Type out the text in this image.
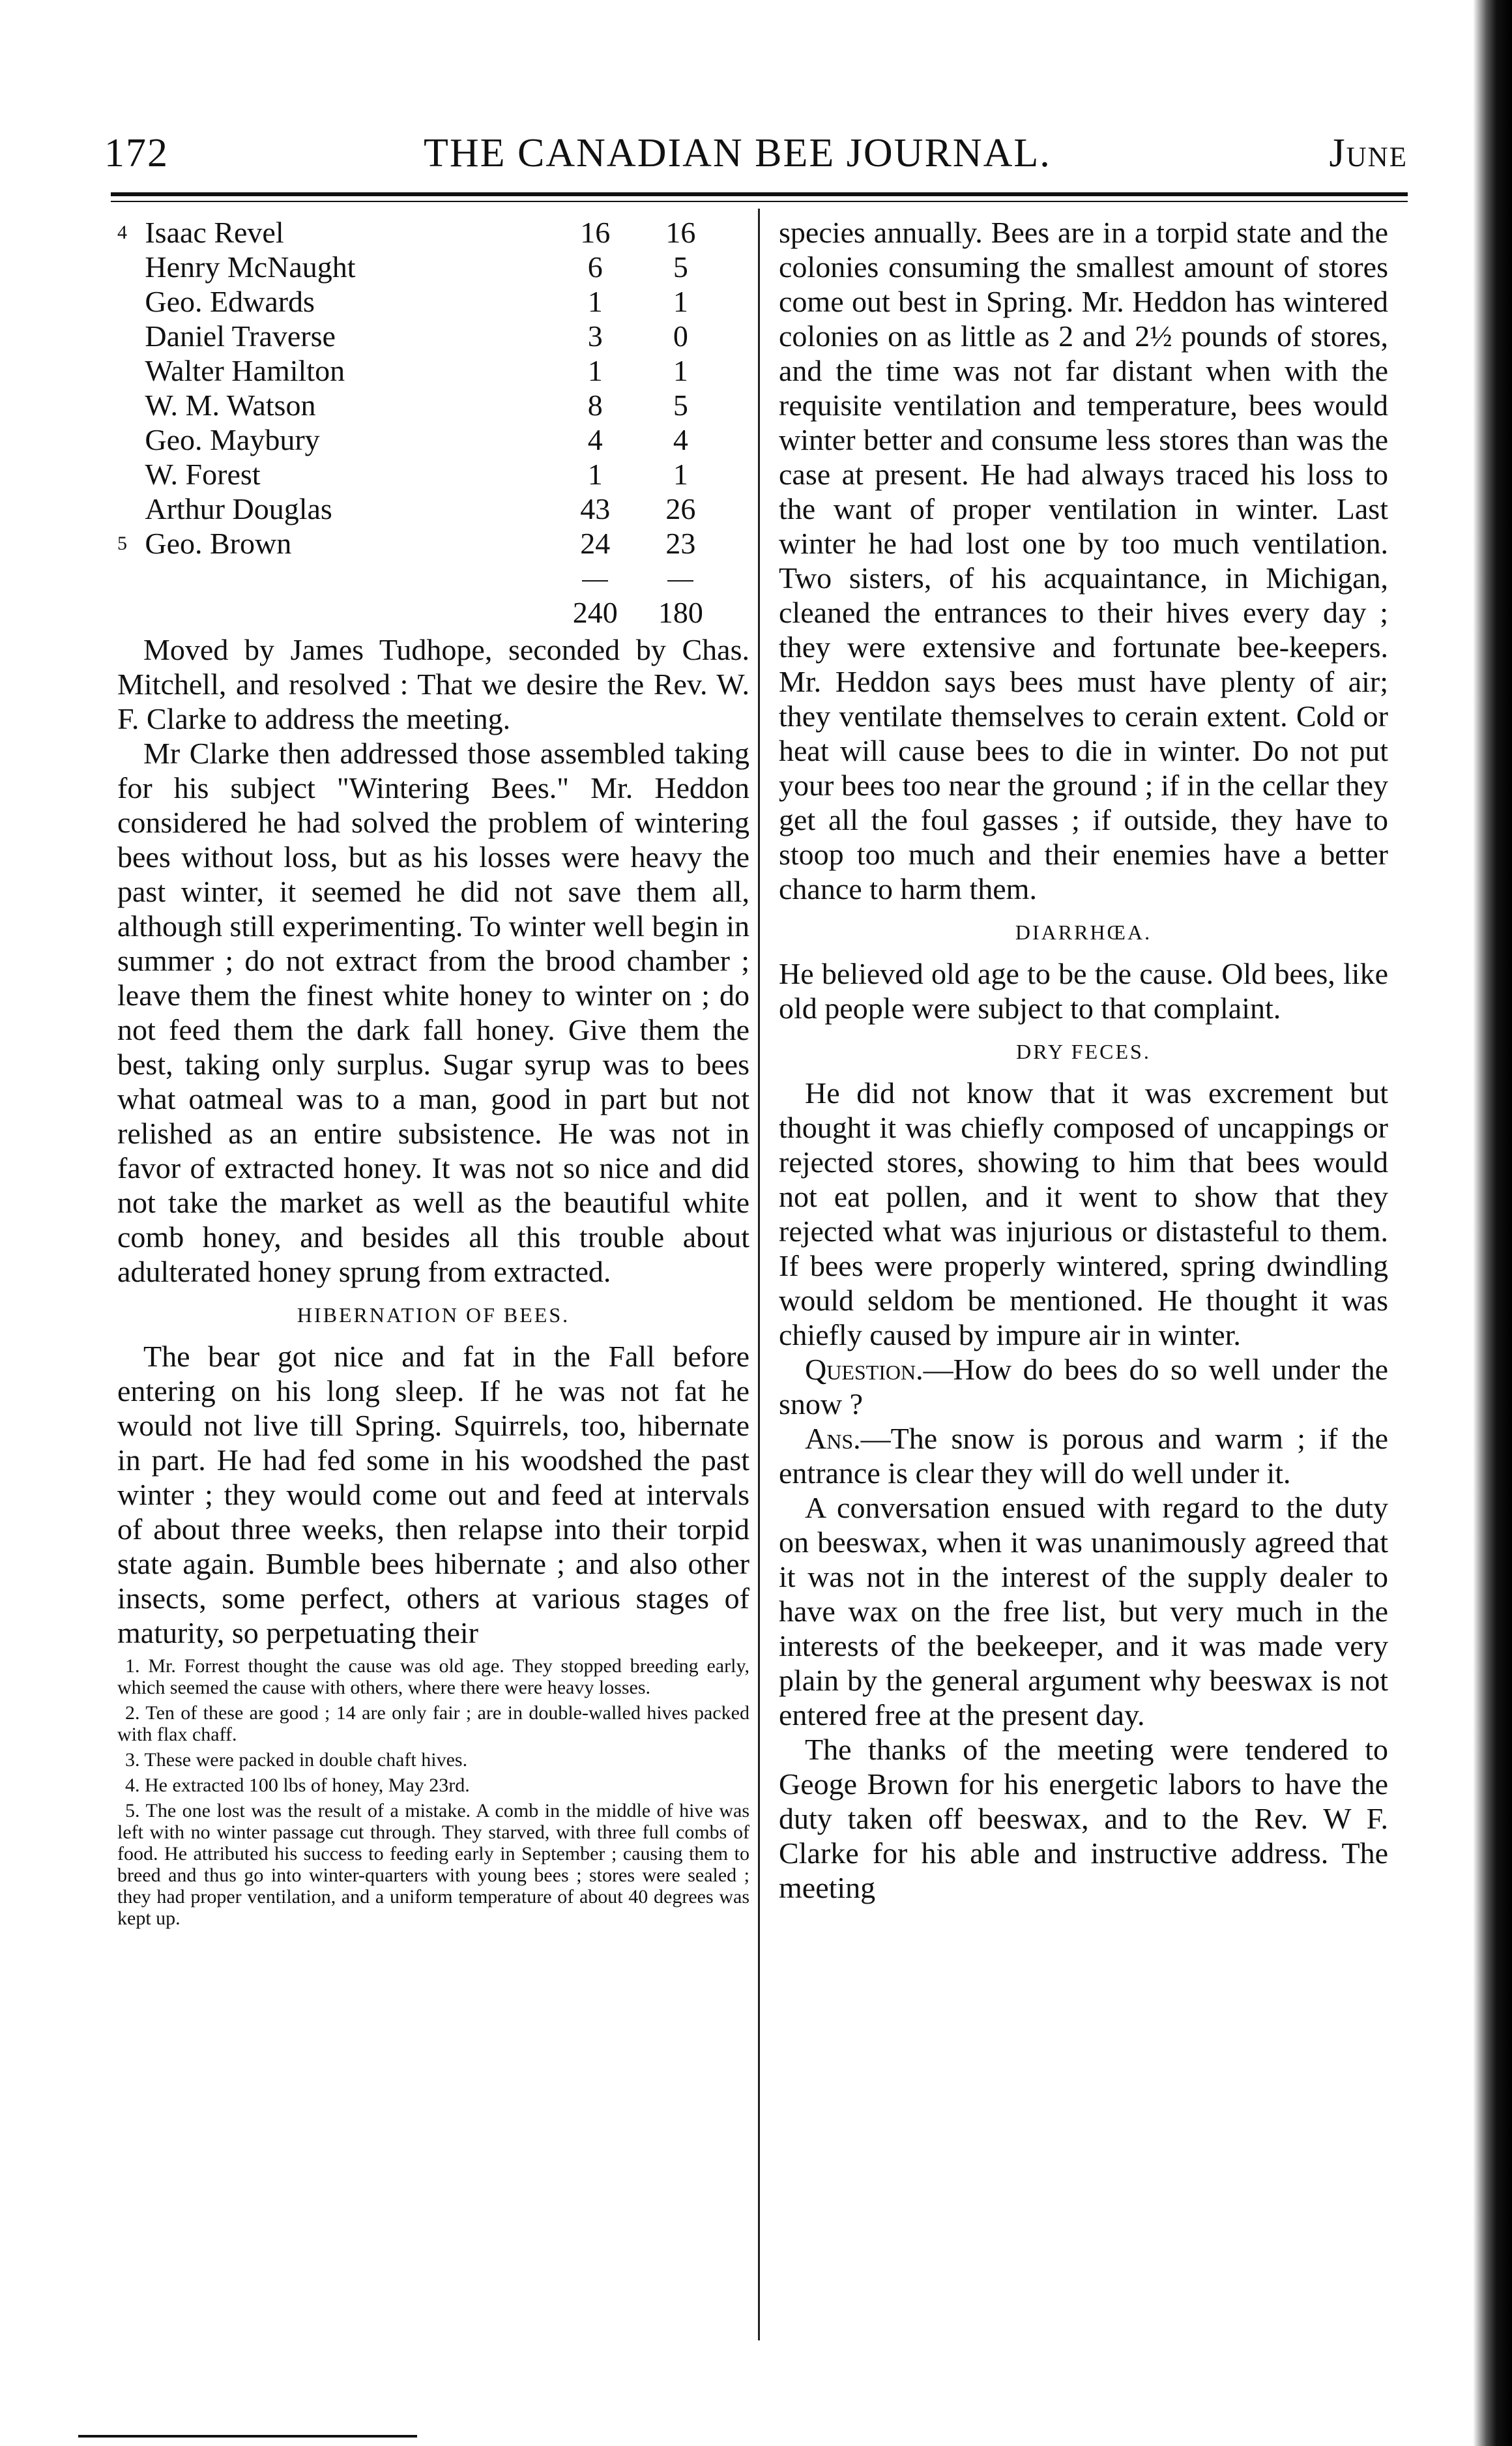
172	THE CANADIAN BEE JOURNAL.	June
4	Isaac Revel	16	16
	Henry McNaught	6	5
	Geo. Edwards	1	1
	Daniel Traverse	3	0
	Walter Hamilton	1	1
	W. M. Watson	8	5
	Geo. Maybury	4	4
	W. Forest	1	1
	Arthur Douglas	43	26
5	Geo. Brown	24	23

		240	180

Moved by James Tudhope, seconded by Chas. Mitchell, and resolved : That we desire the Rev. W. F. Clarke to address the meeting.

Mr Clarke then addressed those assembled taking for his subject "Wintering Bees." Mr. Heddon considered he had solved the problem of wintering bees without loss, but as his losses were heavy the past winter, it seemed he did not save them all, although still experimenting. To winter well begin in summer ; do not extract from the brood chamber ; leave them the finest white honey to winter on ; do not feed them the dark fall honey. Give them the best, taking only surplus. Sugar syrup was to bees what oatmeal was to a man, good in part but not relished as an entire subsistence. He was not in favor of extracted honey. It was not so nice and did not take the market as well as the beautiful white comb honey, and besides all this trouble about adulterated honey sprung from extracted.

HIBERNATION OF BEES.

The bear got nice and fat in the Fall before entering on his long sleep. If he was not fat he would not live till Spring. Squirrels, too, hibernate in part. He had fed some in his woodshed the past winter ; they would come out and feed at intervals of about three weeks, then relapse into their torpid state again. Bumble bees hibernate ; and also other insects, some perfect, others at various stages of maturity, so perpetuating their

1. Mr. Forrest thought the cause was old age. They stopped breeding early, which seemed the cause with others, where there were heavy losses.

2. Ten of these are good ; 14 are only fair ; are in double-walled hives packed with flax chaff.

3. These were packed in double chaft hives.

4. He extracted 100 lbs of honey, May 23rd.

5. The one lost was the result of a mistake. A comb in the middle of hive was left with no winter passage cut through. They starved, with three full combs of food. He attributed his success to feeding early in September ; causing them to breed and thus go into winter-quarters with young bees ; stores were sealed ; they had proper ventilation, and a uniform temperature of about 40 degrees was kept up.

species annually. Bees are in a torpid state and the colonies consuming the smallest amount of stores come out best in Spring. Mr. Heddon has wintered colonies on as little as 2 and 2½ pounds of stores, and the time was not far distant when with the requisite ventilation and temperature, bees would winter better and consume less stores than was the case at present. He had always traced his loss to the want of proper ventilation in winter. Last winter he had lost one by too much ventilation. Two sisters, of his acquaintance, in Michigan, cleaned the entrances to their hives every day ; they were extensive and fortunate bee-keepers. Mr. Heddon says bees must have plenty of air; they ventilate themselves to cerain extent. Cold or heat will cause bees to die in winter. Do not put your bees too near the ground ; if in the cellar they get all the foul gasses ; if outside, they have to stoop too much and their enemies have a better chance to harm them.

DIARRHŒA.

He believed old age to be the cause. Old bees, like old people were subject to that complaint.

DRY FECES.

He did not know that it was excrement but thought it was chiefly composed of uncappings or rejected stores, showing to him that bees would not eat pollen, and it went to show that they rejected what was injurious or distasteful to them. If bees were properly wintered, spring dwindling would seldom be mentioned. He thought it was chiefly caused by impure air in winter.

Question.—How do bees do so well under the snow ?

Ans.—The snow is porous and warm ; if the entrance is clear they will do well under it.

A conversation ensued with regard to the duty on beeswax, when it was unanimously agreed that it was not in the interest of the supply dealer to have wax on the free list, but very much in the interests of the beekeeper, and it was made very plain by the general argument why beeswax is not entered free at the present day.

The thanks of the meeting were tendered to Geoge Brown for his energetic labors to have the duty taken off beeswax, and to the Rev. W F. Clarke for his able and instructive address. The meeting
